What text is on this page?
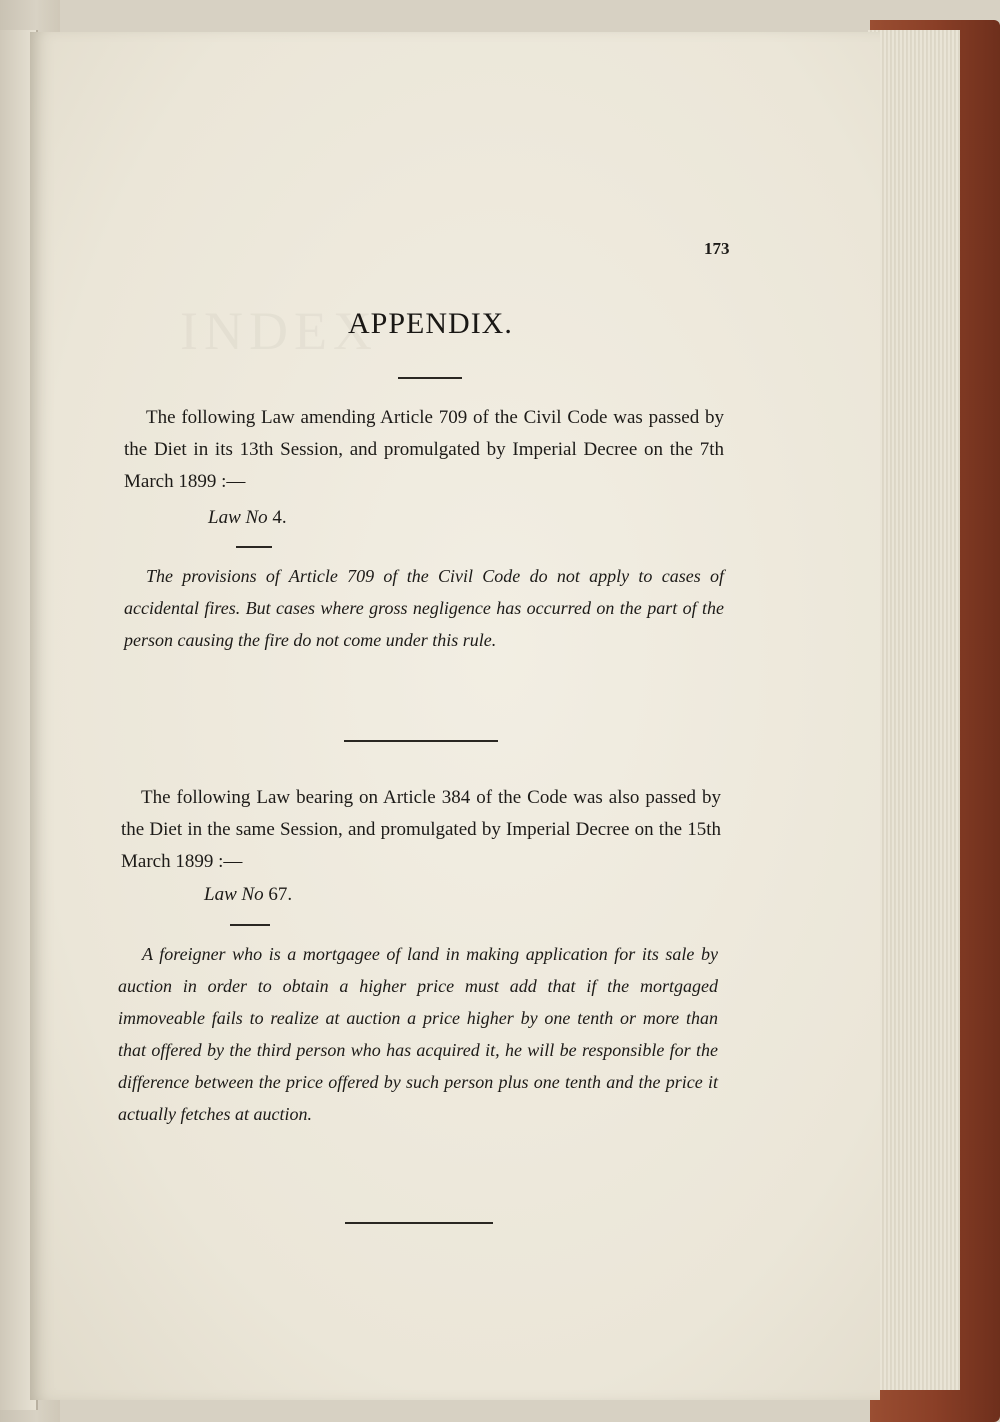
INDEX
173
APPENDIX.
The following Law amending Article 709 of the Civil Code was passed by the Diet in its 13th Session, and promulgated by Imperial Decree on the 7th March 1899 :—
Law No 4.
The provisions of Article 709 of the Civil Code do not apply to cases of accidental fires. But cases where gross negligence has occurred on the part of the person causing the fire do not come under this rule.
The following Law bearing on Article 384 of the Code was also passed by the Diet in the same Session, and promulgated by Imperial Decree on the 15th March 1899 :—
Law No 67.
A foreigner who is a mortgagee of land in making application for its sale by auction in order to obtain a higher price must add that if the mortgaged immoveable fails to realize at auction a price higher by one tenth or more than that offered by the third person who has acquired it, he will be responsible for the difference between the price offered by such person plus one tenth and the price it actually fetches at auction.
